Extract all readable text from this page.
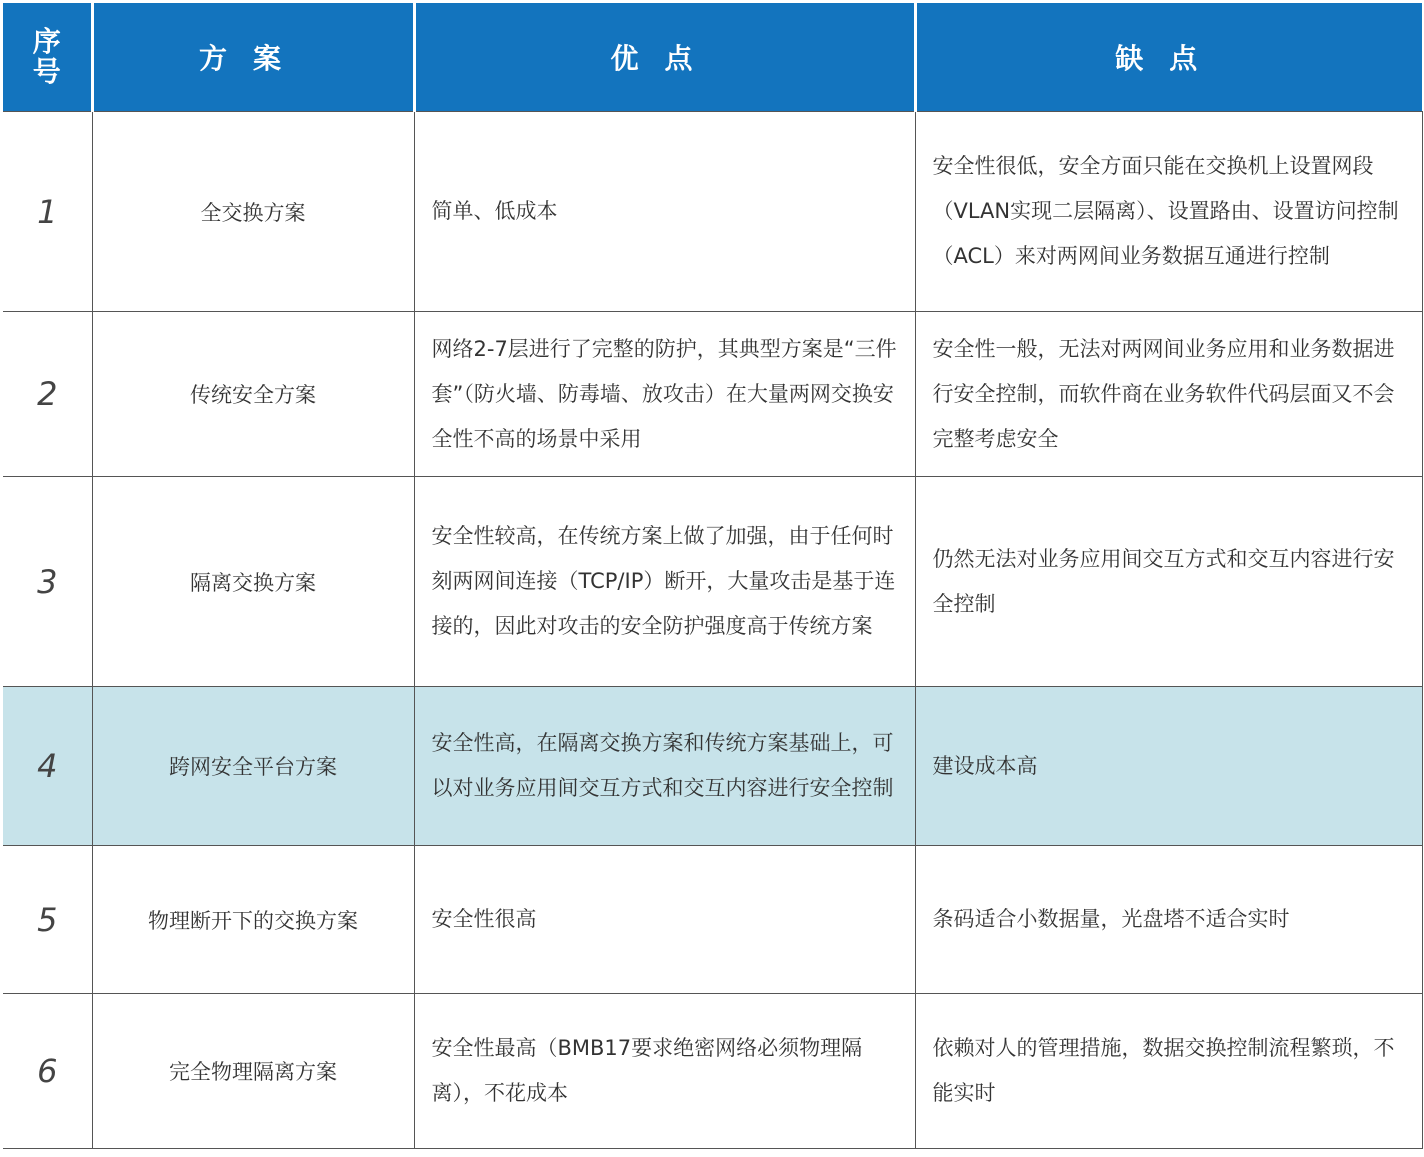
序号	方案	优点	缺点
1	全交换方案	简单、低成本	安全性很低，安全方面只能在交换机上设置网段（VLAN实现二层隔离）、设置路由、设置访问控制（ACL）来对两网间业务数据互通进行控制
2	传统安全方案	网络2-7层进行了完整的防护，其典型方案是“三件套”（防火墙、防毒墙、放攻击）在大量两网交换安全性不高的场景中采用	安全性一般，无法对两网间业务应用和业务数据进行安全控制，而软件商在业务软件代码层面又不会完整考虑安全
3	隔离交换方案	安全性较高，在传统方案上做了加强，由于任何时刻两网间连接（TCP/IP）断开，大量攻击是基于连接的，因此对攻击的安全防护强度高于传统方案	仍然无法对业务应用间交互方式和交互内容进行安全控制
4	跨网安全平台方案	安全性高，在隔离交换方案和传统方案基础上，可以对业务应用间交互方式和交互内容进行安全控制	建设成本高
5	物理断开下的交换方案	安全性很高	条码适合小数据量，光盘塔不适合实时
6	完全物理隔离方案	安全性最高（BMB17要求绝密网络必须物理隔离），不花成本	依赖对人的管理措施，数据交换控制流程繁琐，不能实时
